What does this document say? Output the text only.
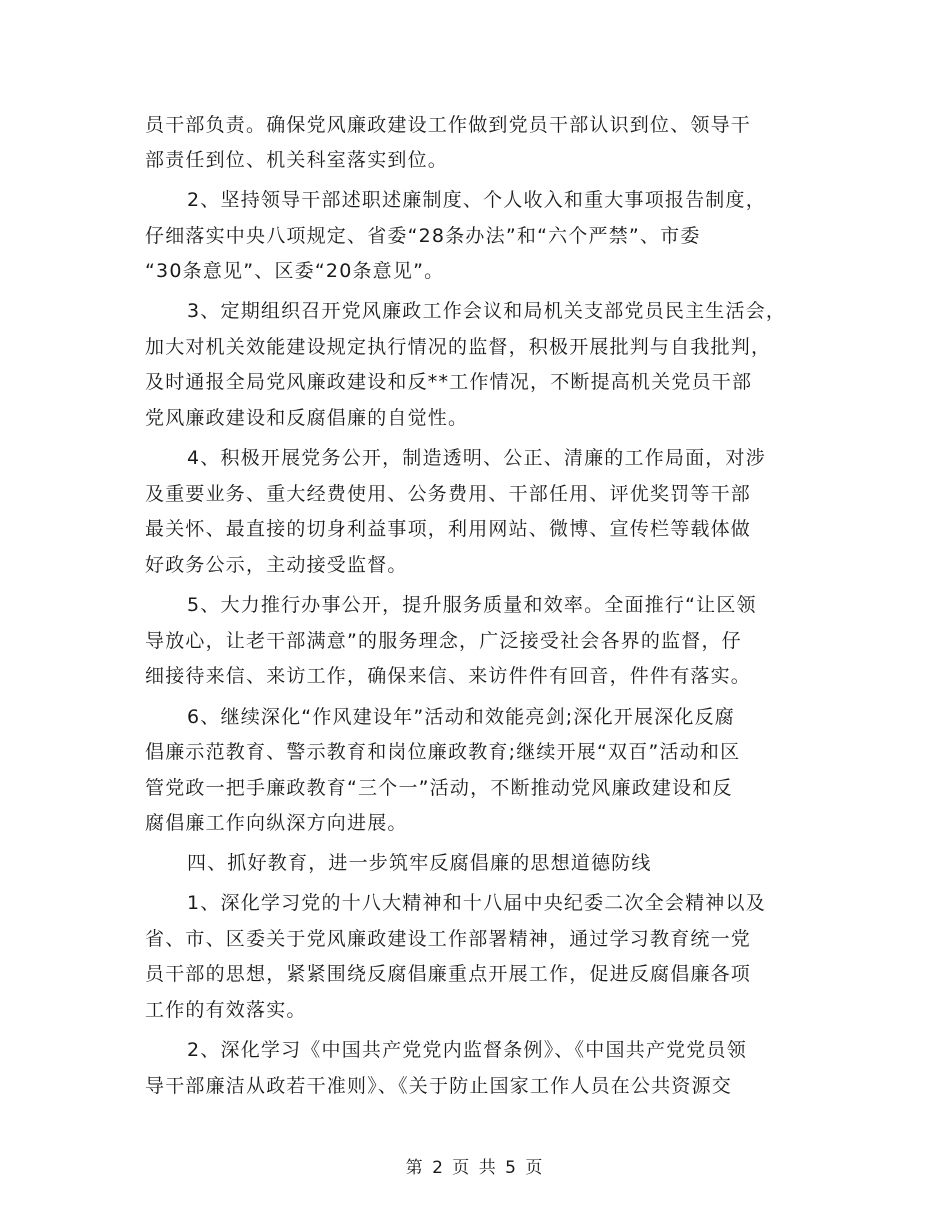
员干部负责。确保党风廉政建设工作做到党员干部认识到位、领导干
部责任到位、机关科室落实到位。
2、坚持领导干部述职述廉制度、个人收入和重大事项报告制度，
仔细落实中央八项规定、省委“28条办法”和“六个严禁”、市委
“30条意见”、区委“20条意见”。
3、定期组织召开党风廉政工作会议和局机关支部党员民主生活会，
加大对机关效能建设规定执行情况的监督，积极开展批判与自我批判，
及时通报全局党风廉政建设和反**工作情况，不断提高机关党员干部
党风廉政建设和反腐倡廉的自觉性。
4、积极开展党务公开，制造透明、公正、清廉的工作局面，对涉
及重要业务、重大经费使用、公务费用、干部任用、评优奖罚等干部
最关怀、最直接的切身利益事项，利用网站、微博、宣传栏等载体做
好政务公示，主动接受监督。
5、大力推行办事公开，提升服务质量和效率。全面推行“让区领
导放心，让老干部满意”的服务理念，广泛接受社会各界的监督，仔
细接待来信、来访工作，确保来信、来访件件有回音，件件有落实。
6、继续深化“作风建设年”活动和效能亮剑;深化开展深化反腐
倡廉示范教育、警示教育和岗位廉政教育;继续开展“双百”活动和区
管党政一把手廉政教育“三个一”活动，不断推动党风廉政建设和反
腐倡廉工作向纵深方向进展。
四、抓好教育，进一步筑牢反腐倡廉的思想道德防线
1、深化学习党的十八大精神和十八届中央纪委二次全会精神以及
省、市、区委关于党风廉政建设工作部署精神，通过学习教育统一党
员干部的思想，紧紧围绕反腐倡廉重点开展工作，促进反腐倡廉各项
工作的有效落实。
2、深化学习《中国共产党党内监督条例》、《中国共产党党员领
导干部廉洁从政若干准则》、《关于防止国家工作人员在公共资源交
第 2 页 共 5 页
